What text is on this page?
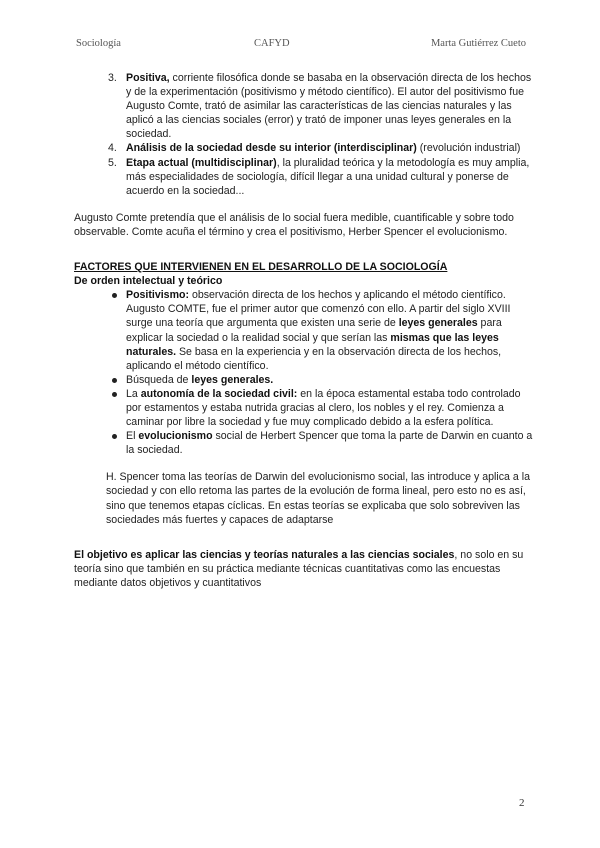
Sociología	CAFYD	Marta Gutiérrez Cueto
3. Positiva, corriente filosófica donde se basaba en la observación directa de los hechos y de la experimentación (positivismo y método científico). El autor del positivismo fue Augusto Comte, trató de asimilar las características de las ciencias naturales y las aplicó a las ciencias sociales (error) y trató de imponer unas leyes generales en la sociedad.
4. Análisis de la sociedad desde su interior (interdisciplinar) (revolución industrial)
5. Etapa actual (multidisciplinar), la pluralidad teórica y la metodología es muy amplia, más especialidades de sociología, difícil llegar a una unidad cultural y ponerse de acuerdo en la sociedad...

Augusto Comte pretendía que el análisis de lo social fuera medible, cuantificable y sobre todo observable. Comte acuña el término y crea el positivismo, Herber Spencer el evolucionismo.

FACTORES QUE INTERVIENEN EN EL DESARROLLO DE LA SOCIOLOGÍA
De orden intelectual y teórico
Positivismo: observación directa de los hechos y aplicando el método científico. Augusto COMTE, fue el primer autor que comenzó con ello. A partir del siglo XVIII surge una teoría que argumenta que existen una serie de leyes generales para explicar la sociedad o la realidad social y que serían las mismas que las leyes naturales. Se basa en la experiencia y en la observación directa de los hechos, aplicando el método científico.
Búsqueda de leyes generales.
La autonomía de la sociedad civil: en la época estamental estaba todo controlado por estamentos y estaba nutrida gracias al clero, los nobles y el rey. Comienza a caminar por libre la sociedad y fue muy complicado debido a la esfera política.
El evolucionismo social de Herbert Spencer que toma la parte de Darwin en cuanto a la sociedad.

H. Spencer toma las teorías de Darwin del evolucionismo social, las introduce y aplica a la sociedad y con ello retoma las partes de la evolución de forma lineal, pero esto no es así, sino que tenemos etapas cíclicas. En estas teorías se explicaba que solo sobreviven las sociedades más fuertes y capaces de adaptarse

El objetivo es aplicar las ciencias y teorías naturales a las ciencias sociales, no solo en su teoría sino que también en su práctica mediante técnicas cuantitativas como las encuestas mediante datos objetivos y cuantitativos

2
